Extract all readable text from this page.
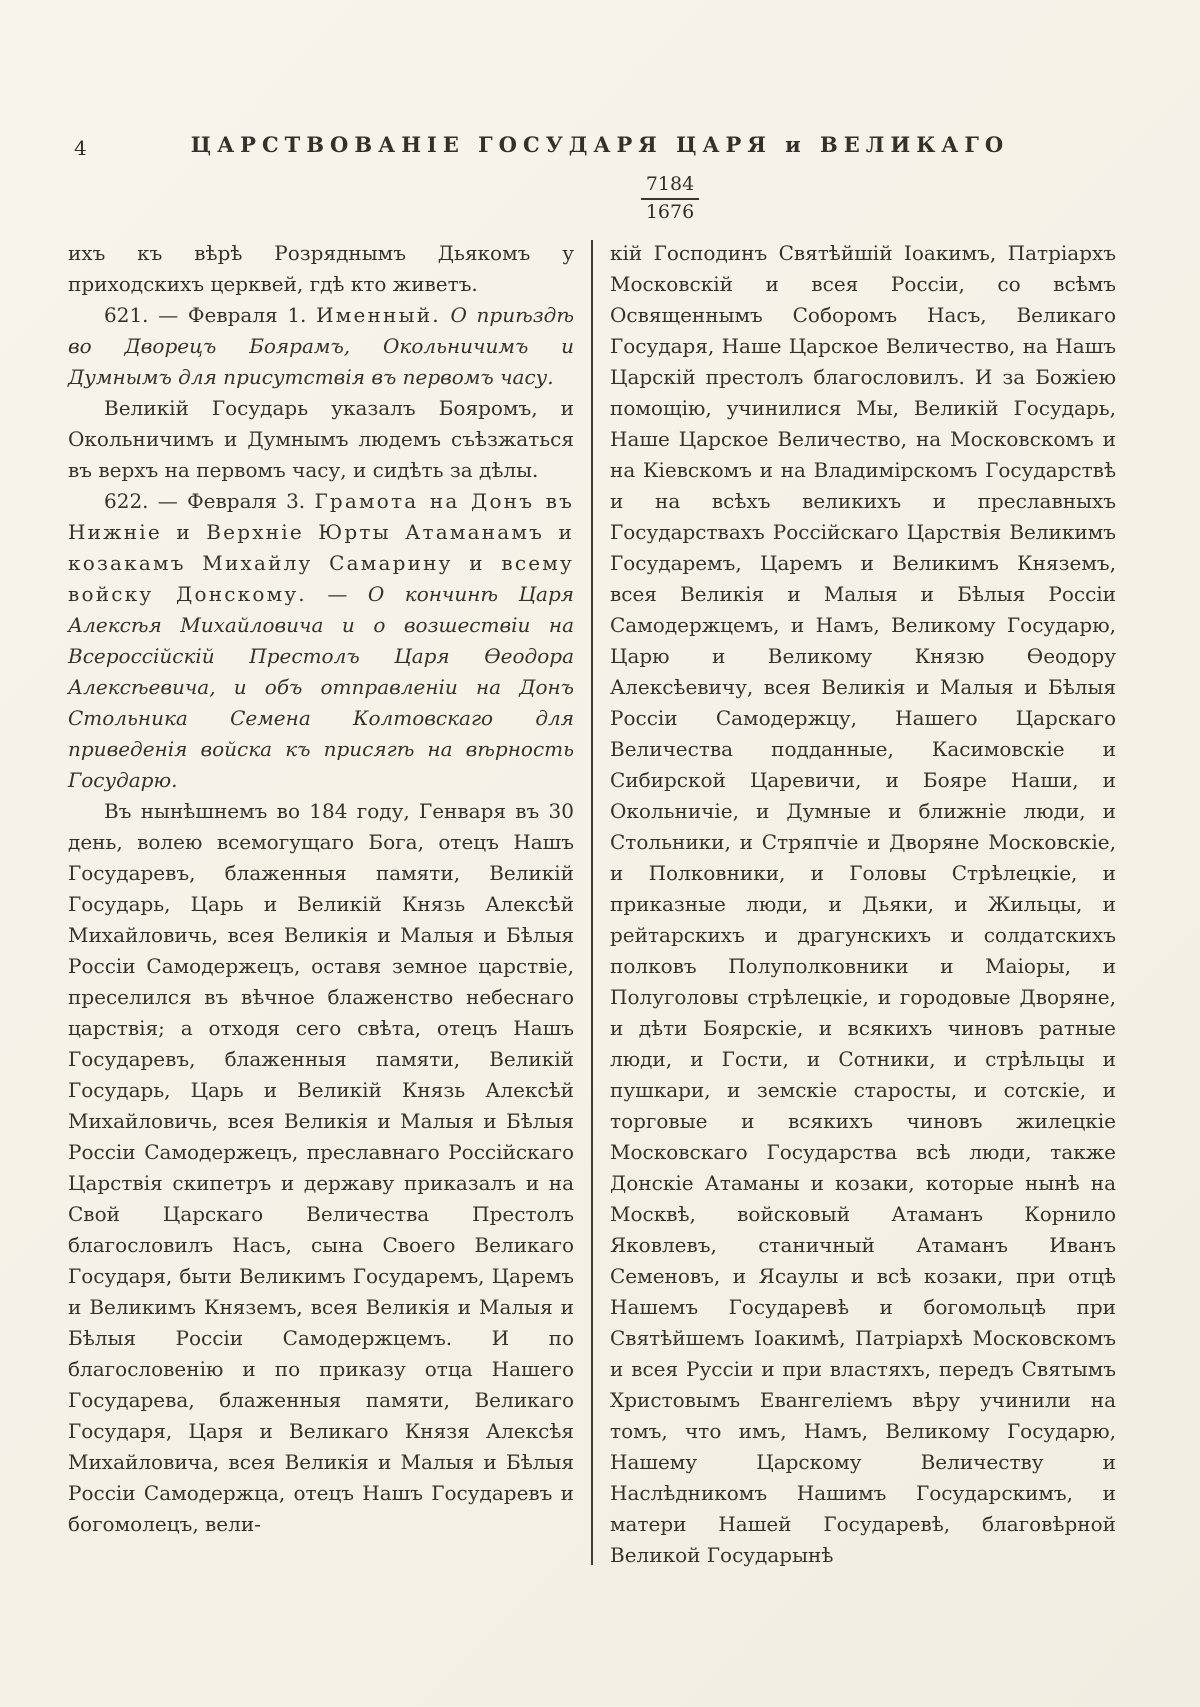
4	ЦАРСТВОВАНІЕ ГОСУДАРЯ ЦАРЯ и ВЕЛИКАГО
$\frac{7184}{1676}$

ихъ къ вѣрѣ Розряднымъ Дьякомъ у приходскихъ церквей, гдѣ кто живетъ.

621. — Февраля 1. Именный. О приѣздѣ во Дворецъ Боярамъ, Окольничимъ и Думнымъ для присутствія въ первомъ часу.

Великій Государь указалъ Бояромъ, и Окольничимъ и Думнымъ людемъ съѣзжаться въ верхъ на первомъ часу, и сидѣть за дѣлы.

622. — Февраля 3. Грамота на Донъ въ Нижніе и Верхніе Юрты Атаманамъ и козакамъ Михайлу Самарину и всему войску Донскому. — О кончинѣ Царя Алексѣя Михайловича и о возшествіи на Всероссійскій Престолъ Царя Ѳеодора Алексѣевича, и объ отправленіи на Донъ Стольника Семена Колтовскаго для приведенія войска къ присягѣ на вѣрность Государю.

Въ нынѣшнемъ во 184 году, Генваря въ 30 день, волею всемогущаго Бога, отецъ Нашъ Государевъ, блаженныя памяти, Великій Государь, Царь и Великій Князь Алексѣй Михайловичь, всея Великія и Малыя и Бѣлыя Россіи Самодержецъ, оставя земное царствіе, преселился въ вѣчное блаженство небеснаго царствія; а отходя сего свѣта, отецъ Нашъ Государевъ, блаженныя памяти, Великій Государь, Царь и Великій Князь Алексѣй Михайловичь, всея Великія и Малыя и Бѣлыя Россіи Самодержецъ, преславнаго Россійскаго Царствія скипетръ и державу приказалъ и на Свой Царскаго Величества Престолъ благословилъ Насъ, сына Своего Великаго Государя, быти Великимъ Государемъ, Царемъ и Великимъ Княземъ, всея Великія и Малыя и Бѣлыя Россіи Самодержцемъ. И по благословенію и по приказу отца Нашего Государева, блаженныя памяти, Великаго Государя, Царя и Великаго Князя Алексѣя Михайловича, всея Великія и Малыя и Бѣлыя Россіи Самодержца, отецъ Нашъ Государевъ и богомолецъ, вели-

кій Господинъ Святѣйшій Іоакимъ, Патріархъ Московскій и всея Россіи, со всѣмъ Освященнымъ Соборомъ Насъ, Великаго Государя, Наше Царское Величество, на Нашъ Царскій престолъ благословилъ. И за Божіею помощію, учинилися Мы, Великій Государь, Наше Царское Величество, на Московскомъ и на Кіевскомъ и на Владимірскомъ Государствѣ и на всѣхъ великихъ и преславныхъ Государствахъ Россійскаго Царствія Великимъ Государемъ, Царемъ и Великимъ Княземъ, всея Великія и Малыя и Бѣлыя Россіи Самодержцемъ, и Намъ, Великому Государю, Царю и Великому Князю Ѳеодору Алексѣевичу, всея Великія и Малыя и Бѣлыя Россіи Самодержцу, Нашего Царскаго Величества подданные, Касимовскіе и Сибирской Царевичи, и Бояре Наши, и Окольничіе, и Думные и ближніе люди, и Стольники, и Стряпчіе и Дворяне Московскіе, и Полковники, и Головы Стрѣлецкіе, и приказные люди, и Дьяки, и Жильцы, и рейтарскихъ и драгунскихъ и солдатскихъ полковъ Полуполковники и Маіоры, и Полуголовы стрѣлецкіе, и городовые Дворяне, и дѣти Боярскіе, и всякихъ чиновъ ратные люди, и Гости, и Сотники, и стрѣльцы и пушкари, и земскіе старосты, и сотскіе, и торговые и всякихъ чиновъ жилецкіе Московскаго Государства всѣ люди, также Донскіе Атаманы и козаки, которые нынѣ на Москвѣ, войсковый Атаманъ Корнило Яковлевъ, станичный Атаманъ Иванъ Семеновъ, и Ясаулы и всѣ козаки, при отцѣ Нашемъ Государевѣ и богомольцѣ при Святѣйшемъ Іоакимѣ, Патріархѣ Московскомъ и всея Руссіи и при властяхъ, передъ Святымъ Христовымъ Евангеліемъ вѣру учинили на томъ, что имъ, Намъ, Великому Государю, Нашему Царскому Величеству и Наслѣдникомъ Нашимъ Государскимъ, и матери Нашей Государевѣ, благовѣрной Великой Государынѣ
